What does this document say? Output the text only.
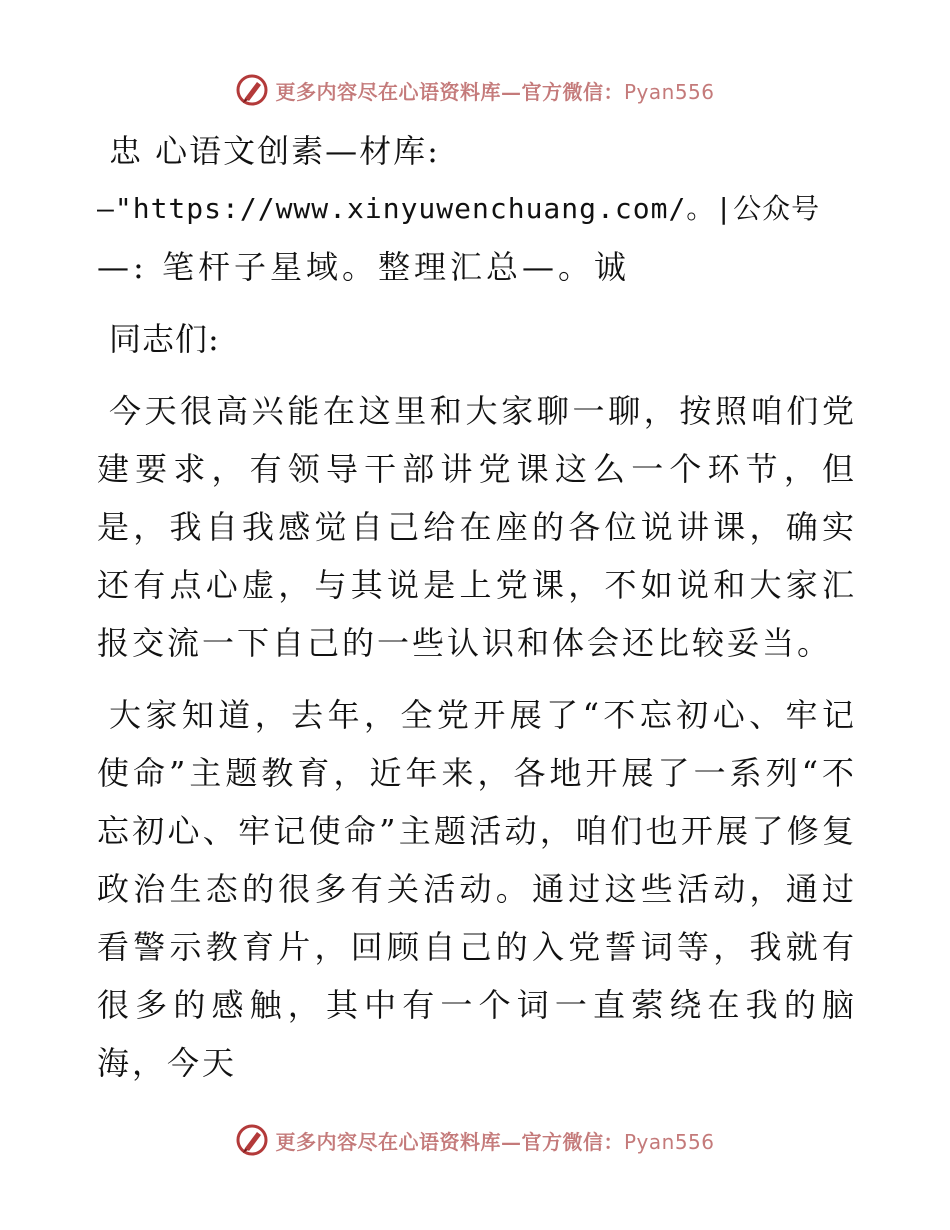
更多内容尽在心语资料库—官方微信：Pyan556
忠 心语文创素—材库:
—"https://www.xinyuwenchuang.com/。|公众号
—: 笔杆子星域。整理汇总—。诚
同志们:

今天很高兴能在这里和大家聊一聊，按照咱们党建要求，有领导干部讲党课这么一个环节，但是，我自我感觉自己给在座的各位说讲课，确实还有点心虚，与其说是上党课，不如说和大家汇报交流一下自己的一些认识和体会还比较妥当。

大家知道，去年，全党开展了“不忘初心、牢记使命”主题教育，近年来，各地开展了一系列“不忘初心、牢记使命”主题活动，咱们也开展了修复政治生态的很多有关活动。通过这些活动，通过看警示教育片，回顾自己的入党誓词等，我就有很多的感触，其中有一个词一直萦绕在我的脑海，今天

更多内容尽在心语资料库—官方微信：Pyan556
